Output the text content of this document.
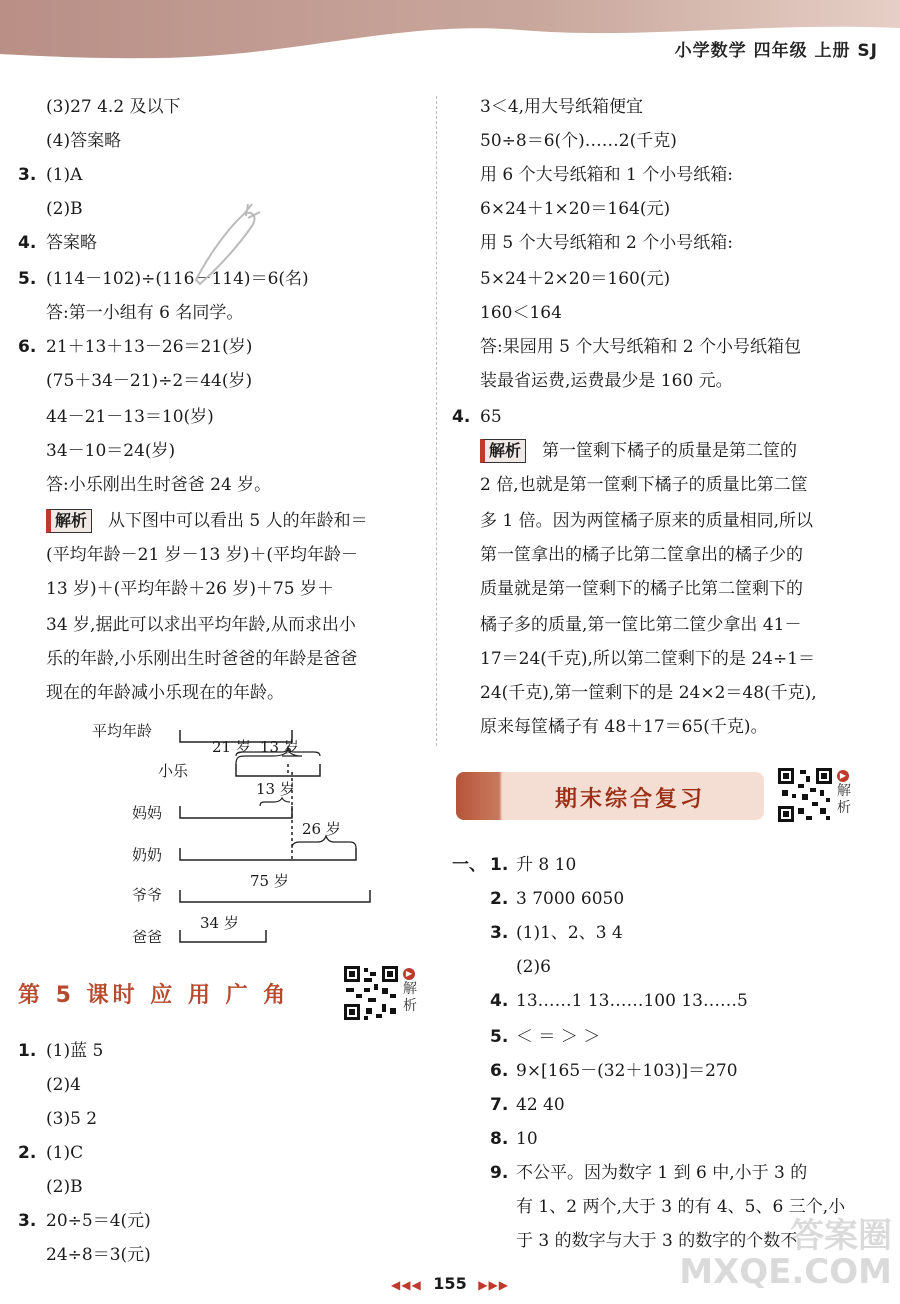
小学数学 四年级 上册 SJ
(3)27 4.2 及以下
(4)答案略
3. (1)A
(2)B
4. 答案略
5. (114－102)÷(116－114)＝6(名)
答:第一小组有 6 名同学。
6. 21＋13＋13－26＝21(岁)
(75＋34－21)÷2＝44(岁)
44－21－13＝10(岁)
34－10＝24(岁)
答:小乐刚出生时爸爸 24 岁。
解析 从下图中可以看出 5 人的年龄和＝
(平均年龄－21 岁－13 岁)＋(平均年龄－
13 岁)＋(平均年龄＋26 岁)＋75 岁＋
34 岁,据此可以求出平均年龄,从而求出小
乐的年龄,小乐刚出生时爸爸的年龄是爸爸
现在的年龄减小乐现在的年龄。
平均年龄
小乐
妈妈
奶奶
爷爷
爸爸
21 岁 13 岁
13 岁
26 岁
75 岁
34 岁
第 5 课时 应 用 广 角
▶
解析
1. (1)蓝 5
(2)4
(3)5 2
2. (1)C
(2)B
3. 20÷5＝4(元)
24÷8＝3(元)
3＜4,用大号纸箱便宜
50÷8＝6(个)……2(千克)
用 6 个大号纸箱和 1 个小号纸箱:
6×24＋1×20＝164(元)
用 5 个大号纸箱和 2 个小号纸箱:
5×24＋2×20＝160(元)
160＜164
答:果园用 5 个大号纸箱和 2 个小号纸箱包
装最省运费,运费最少是 160 元。
4. 65
解析 第一筐剩下橘子的质量是第二筐的
2 倍,也就是第一筐剩下橘子的质量比第二筐
多 1 倍。因为两筐橘子原来的质量相同,所以
第一筐拿出的橘子比第二筐拿出的橘子少的
质量就是第一筐剩下的橘子比第二筐剩下的
橘子多的质量,第一筐比第二筐少拿出 41－
17＝24(千克),所以第二筐剩下的是 24÷1＝
24(千克),第一筐剩下的是 24×2＝48(千克),
原来每筐橘子有 48＋17＝65(千克)。
期末综合复习
▶
解析
一、 1. 升 8 10
2. 3 7000 6050
3. (1)1、2、3 4
(2)6
4. 13……1 13……100 13……5
5. ＜ ＝ ＞ ＞
6. 9×[165－(32＋103)]＝270
7. 42 40
8. 10
9. 不公平。因为数字 1 到 6 中,小于 3 的
有 1、2 两个,大于 3 的有 4、5、6 三个,小
于 3 的数字与大于 3 的数字的个数不
答案圈
MXQE.COM
◀◀◀ 155 ▶▶▶
